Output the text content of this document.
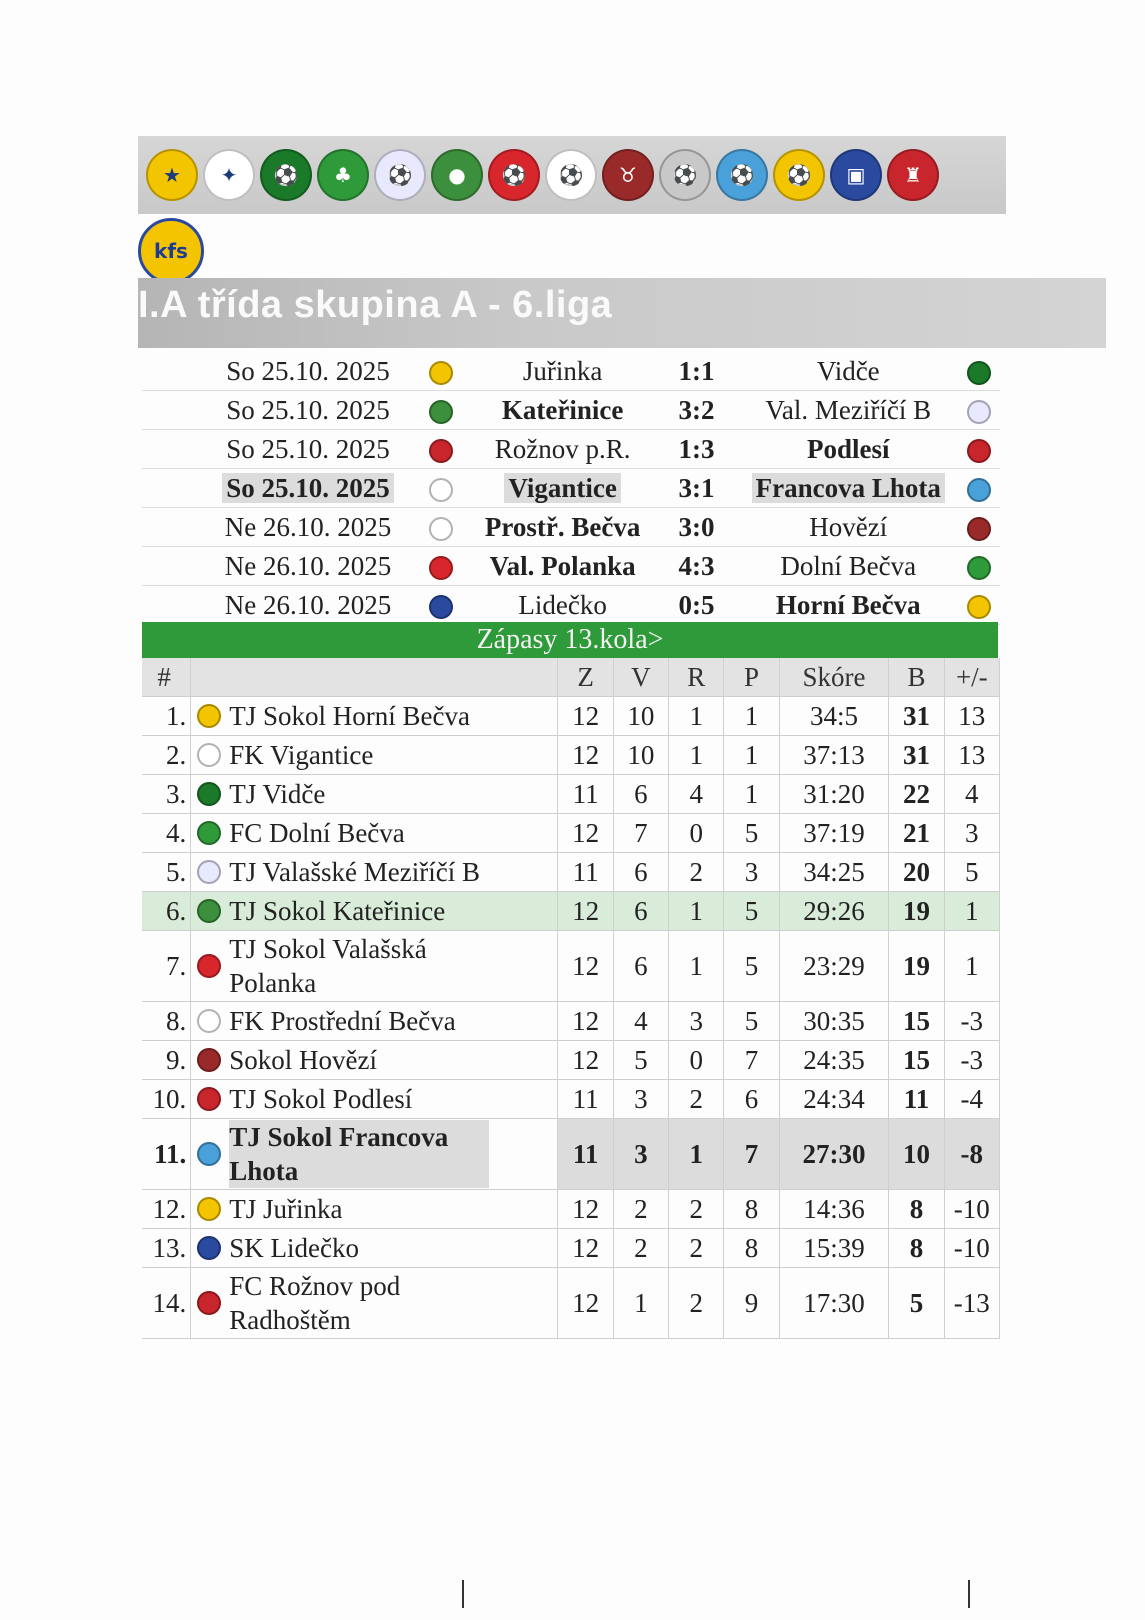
★	✦	⚽	♣	⚽	●	⚽	⚽	♉	⚽	⚽	⚽	▣	♜
kfs
I.A třída skupina A - 6.liga
So 25.10. 2025		Juřinka	1:1	Vidče	
So 25.10. 2025		Kateřinice	3:2	Val. Meziříčí B	
So 25.10. 2025		Rožnov p.R.	1:3	Podlesí	
So 25.10. 2025		Vigantice	3:1	Francova Lhota	
Ne 26.10. 2025		Prostř. Bečva	3:0	Hovězí	
Ne 26.10. 2025		Val. Polanka	4:3	Dolní Bečva	
Ne 26.10. 2025		Lidečko	0:5	Horní Bečva	
Zápasy 13.kola>
#		Z	V	R	P	Skóre	B	+/-
1.	TJ Sokol Horní Bečva	12	10	1	1	34:5	31	13
2.	FK Vigantice	12	10	1	1	37:13	31	13
3.	TJ Vidče	11	6	4	1	31:20	22	4
4.	FC Dolní Bečva	12	7	0	5	37:19	21	3
5.	TJ Valašské Meziříčí B	11	6	2	3	34:25	20	5
6.	TJ Sokol Kateřinice	12	6	1	5	29:26	19	1
7.	TJ Sokol Valašská Polanka	12	6	1	5	23:29	19	1
8.	FK Prostřední Bečva	12	4	3	5	30:35	15	-3
9.	Sokol Hovězí	12	5	0	7	24:35	15	-3
10.	TJ Sokol Podlesí	11	3	2	6	24:34	11	-4
11.	TJ Sokol Francova Lhota	11	3	1	7	27:30	10	-8
12.	TJ Juřinka	12	2	2	8	14:36	8	-10
13.	SK Lidečko	12	2	2	8	15:39	8	-10
14.	FC Rožnov pod Radhoštěm	12	1	2	9	17:30	5	-13
